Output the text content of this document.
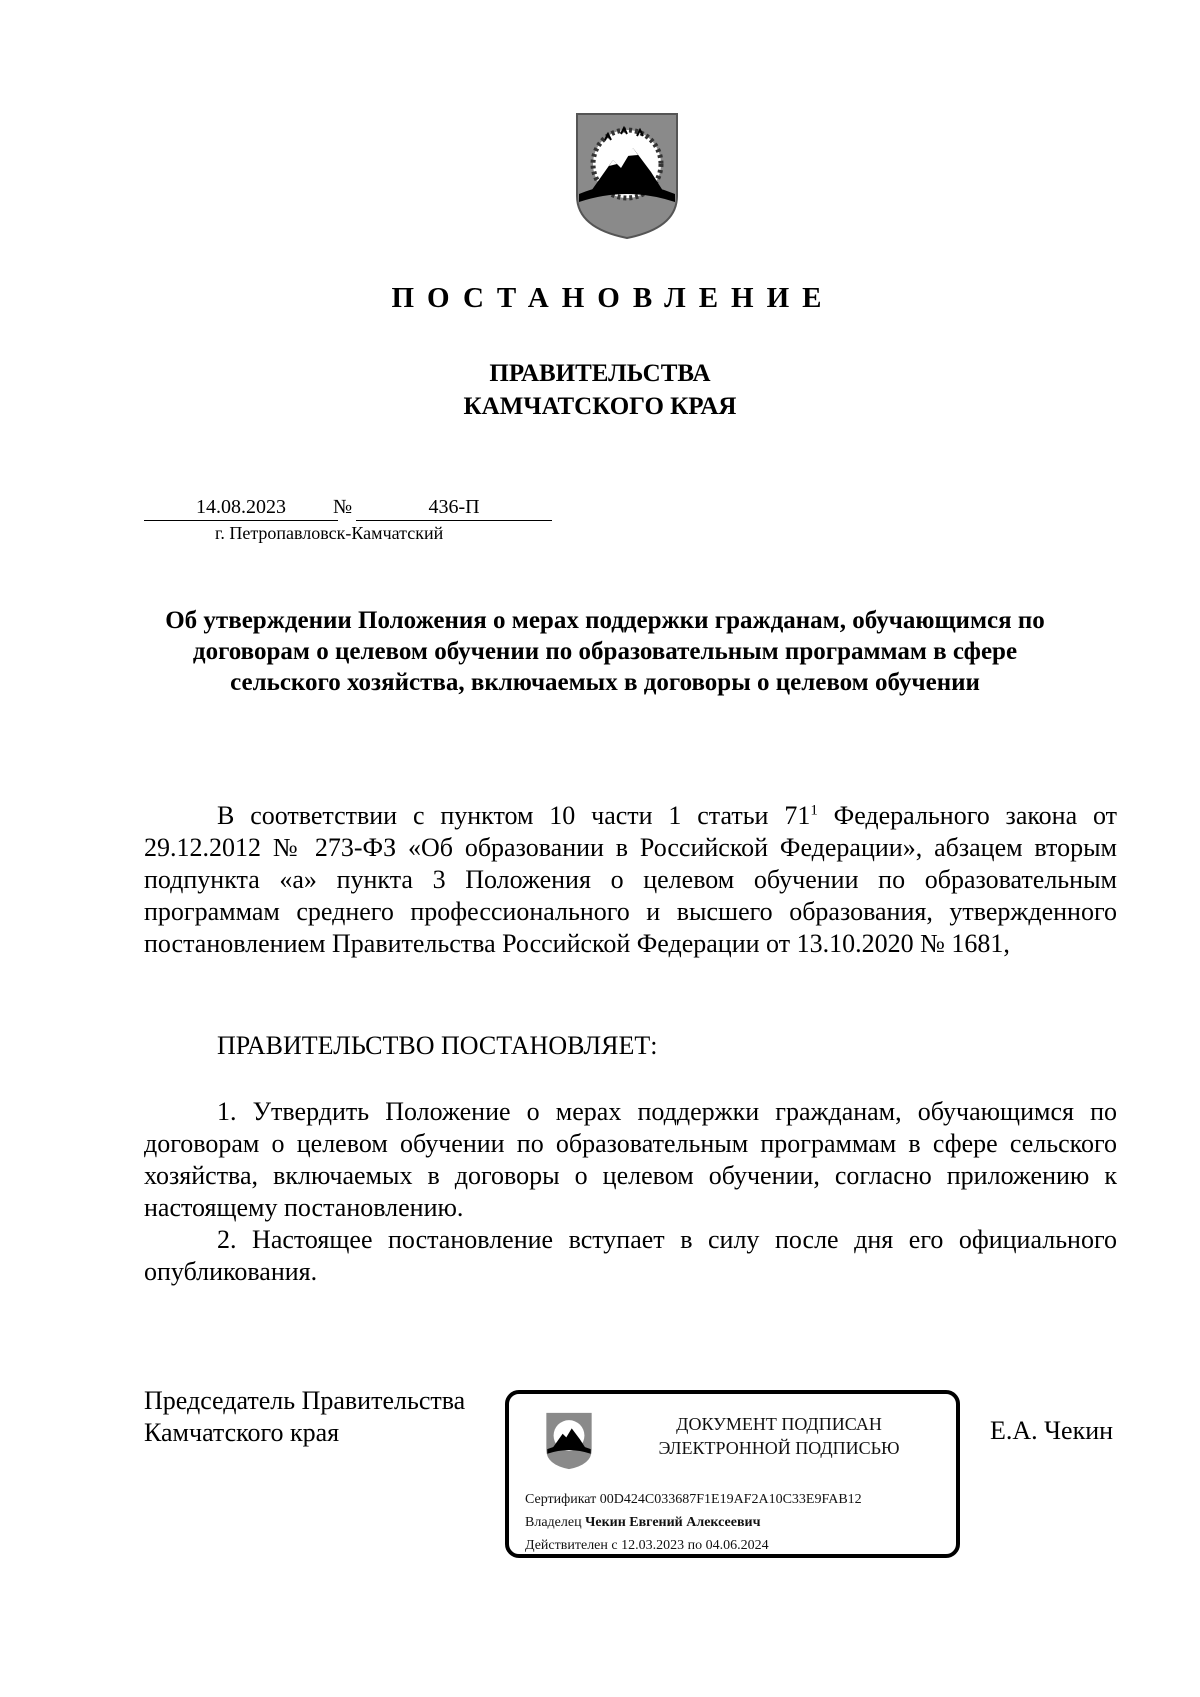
ПОСТАНОВЛЕНИЕ
ПРАВИТЕЛЬСТВА
КАМЧАТСКОГО КРАЯ
14.08.2023	№	436-П
г. Петропавловск-Камчатский
Об утверждении Положения о мерах поддержки гражданам, обучающимся по договорам о целевом обучении по образовательным программам в сфере сельского хозяйства, включаемых в договоры о целевом обучении

В соответствии с пунктом 10 части 1 статьи $71^1$ Федерального закона от 29.12.2012 № 273-ФЗ «Об образовании в Российской Федерации», абзацем вторым подпункта «а» пункта 3 Положения о целевом обучении по образовательным программам среднего профессионального и высшего образования, утвержденного постановлением Правительства Российской Федерации от 13.10.2020 № 1681,

ПРАВИТЕЛЬСТВО ПОСТАНОВЛЯЕТ:

1. Утвердить Положение о мерах поддержки гражданам, обучающимся по договорам о целевом обучении по образовательным программам в сфере сельского хозяйства, включаемых в договоры о целевом обучении, согласно приложению к настоящему постановлению.

2. Настоящее постановление вступает в силу после дня его официального опубликования.

Председатель Правительства
Камчатского края	ДОКУМЕНТ ПОДПИСАН
ЭЛЕКТРОННОЙ ПОДПИСЬЮ
Сертификат 00D424C033687F1E19AF2A10C33E9FAB12
Владелец Чекин Евгений Алексеевич
Действителен с 12.03.2023 по 04.06.2024
Е.А. Чекин
